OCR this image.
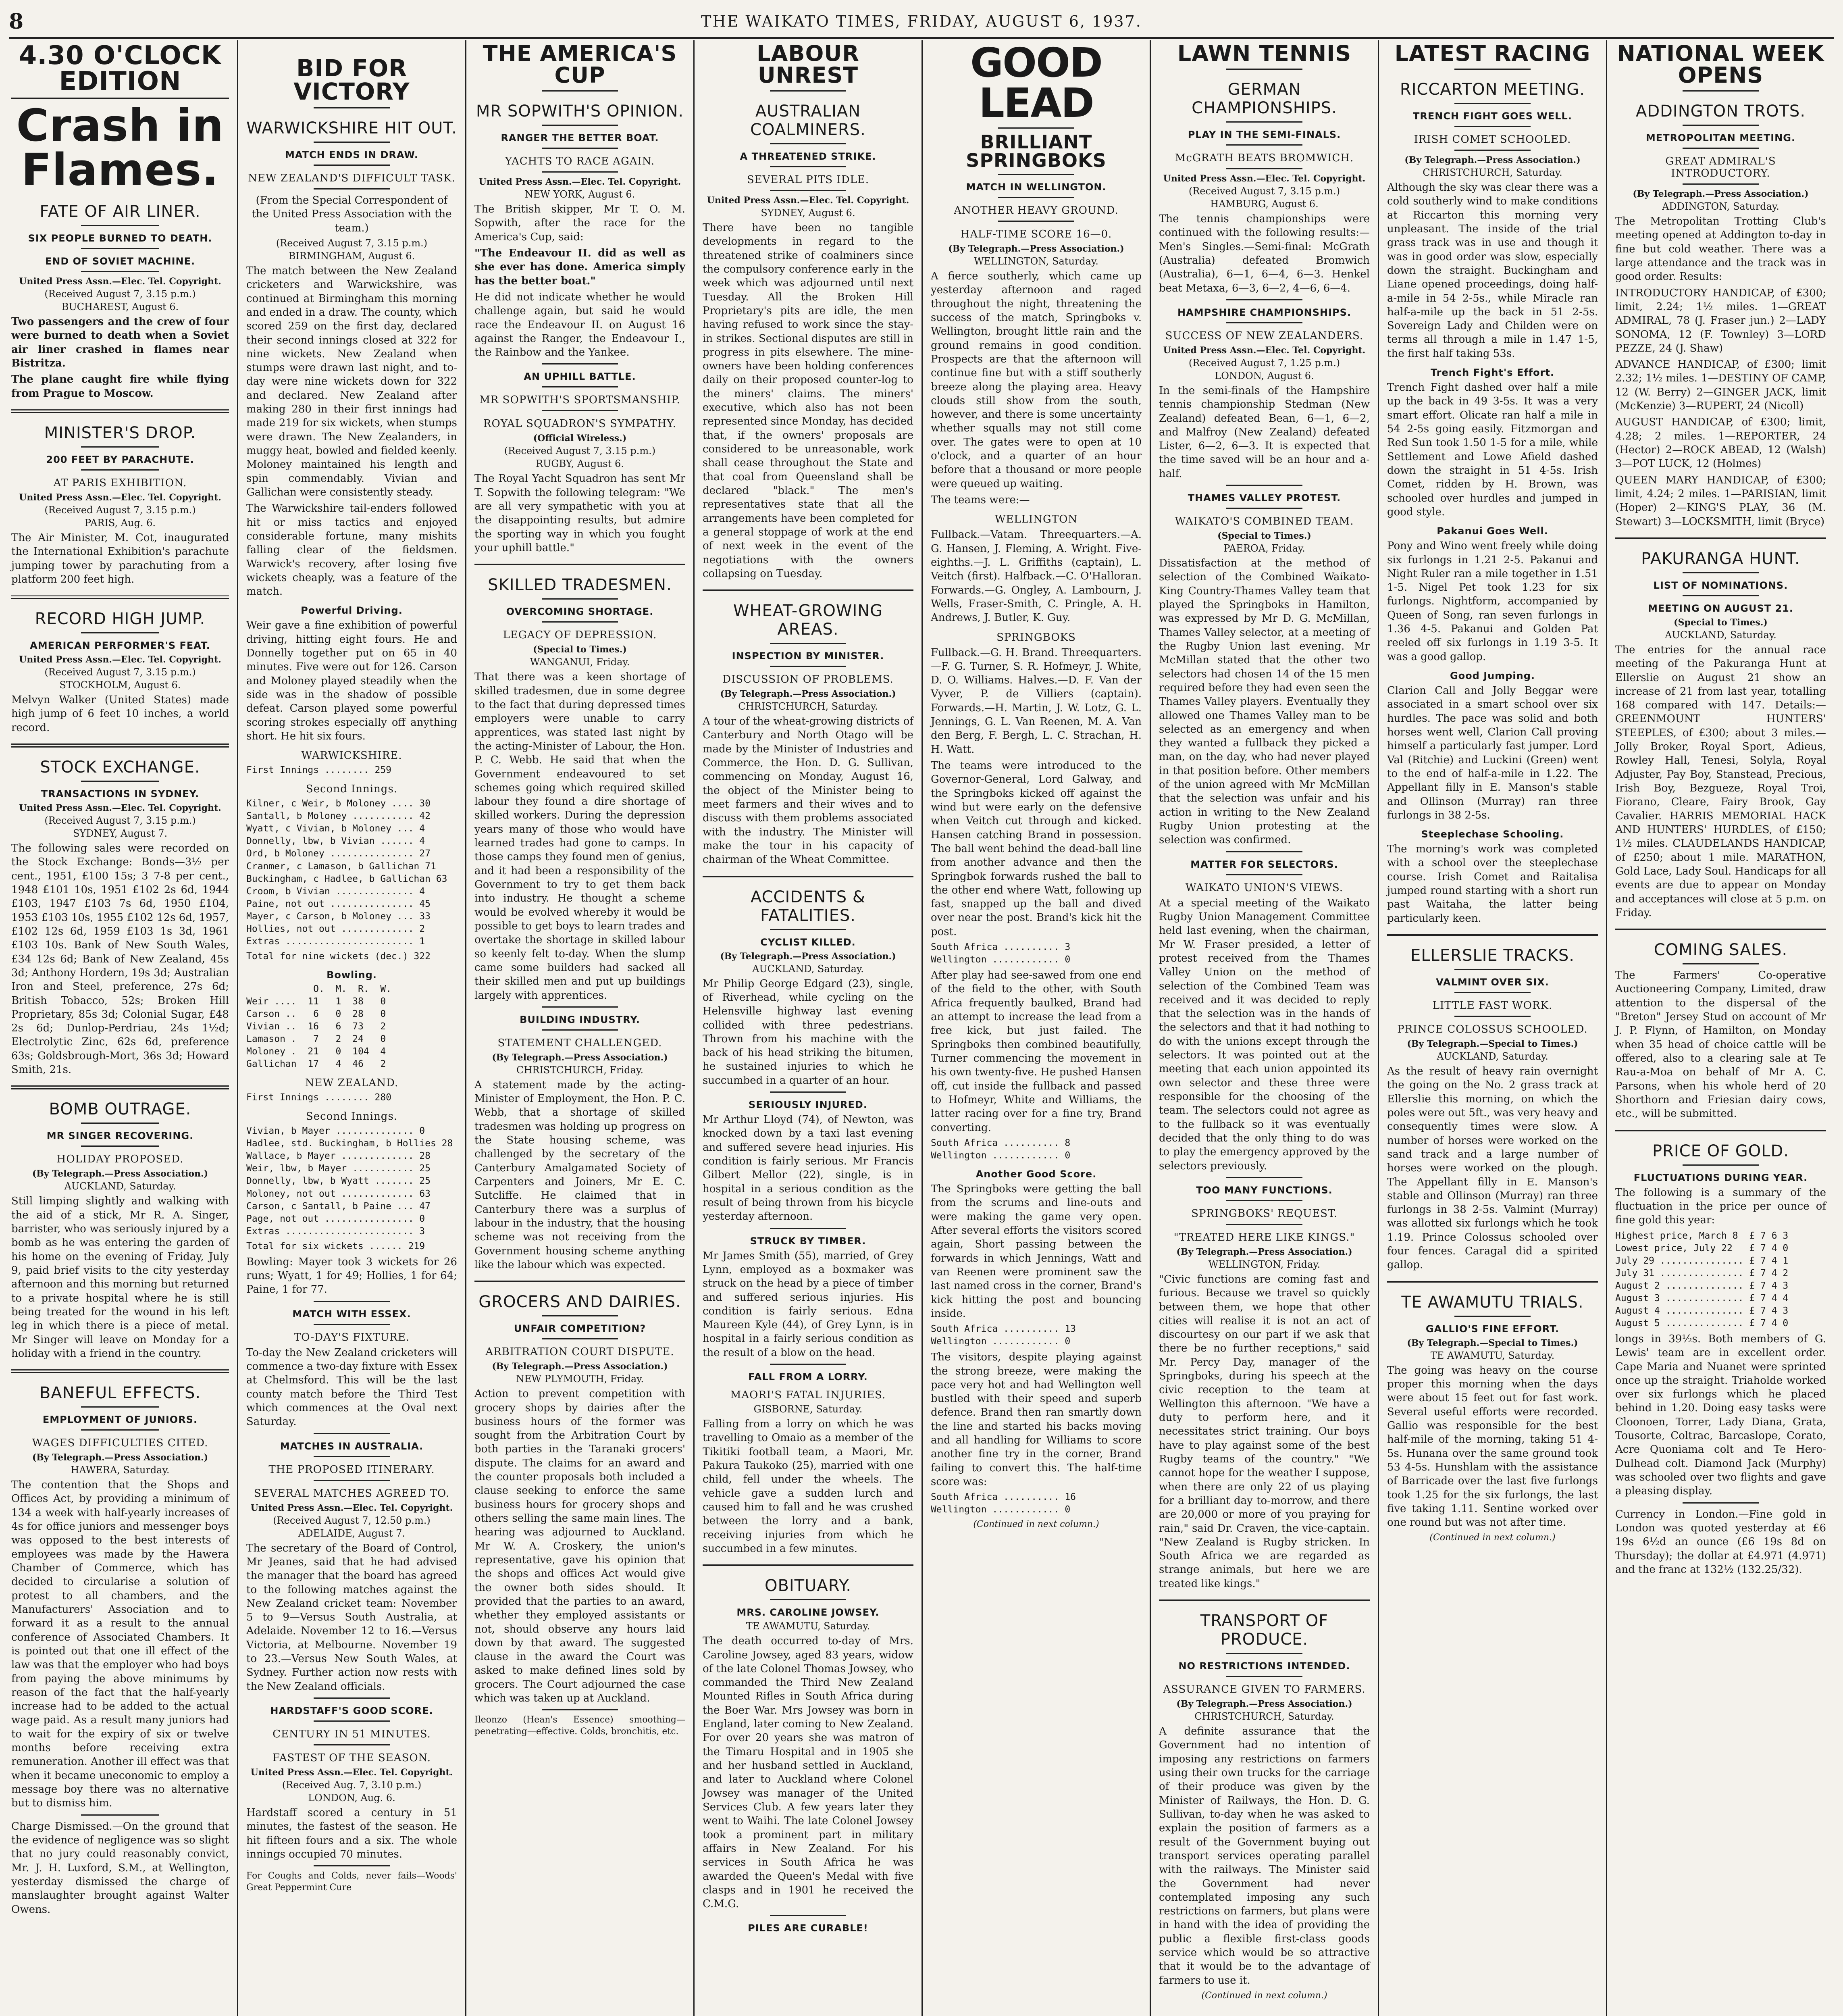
8	THE WAIKATO TIMES, FRIDAY, AUGUST 6, 1937.
4.30 O'CLOCK EDITION
Crash in Flames.
FATE OF AIR LINER.
SIX PEOPLE BURNED TO DEATH.
END OF SOVIET MACHINE.
United Press Assn.—Elec. Tel. Copyright.
(Received August 7, 3.15 p.m.)
BUCHAREST, August 6.
Two passengers and the crew of four were burned to death when a Soviet air liner crashed in flames near Bistritza.
The plane caught fire while flying from Prague to Moscow.
MINISTER'S DROP.
200 FEET BY PARACHUTE.
AT PARIS EXHIBITION.
United Press Assn.—Elec. Tel. Copyright.
(Received August 7, 3.15 p.m.)
PARIS, Aug. 6.
The Air Minister, M. Cot, inaugurated the International Exhibition's parachute jumping tower by parachuting from a platform 200 feet high.
RECORD HIGH JUMP.
AMERICAN PERFORMER'S FEAT.
United Press Assn.—Elec. Tel. Copyright.
(Received August 7, 3.15 p.m.)
STOCKHOLM, August 6.
Melvyn Walker (United States) made high jump of 6 feet 10 inches, a world record.
STOCK EXCHANGE.
TRANSACTIONS IN SYDNEY.
United Press Assn.—Elec. Tel. Copyright.
(Received August 7, 3.15 p.m.)
SYDNEY, August 7.
The following sales were recorded on the Stock Exchange: Bonds—3½ per cent., 1951, £100 15s; 3 7-8 per cent., 1948 £101 10s, 1951 £102 2s 6d, 1944 £103, 1947 £103 7s 6d, 1950 £104, 1953 £103 10s, 1955 £102 12s 6d, 1957, £102 12s 6d, 1959 £103 1s 3d, 1961 £103 10s. Bank of New South Wales, £34 12s 6d; Bank of New Zealand, 45s 3d; Anthony Hordern, 19s 3d; Australian Iron and Steel, preference, 27s 6d; British Tobacco, 52s; Broken Hill Proprietary, 85s 3d; Colonial Sugar, £48 2s 6d; Dunlop-Perdriau, 24s 1½d; Electrolytic Zinc, 62s 6d, preference 63s; Goldsbrough-Mort, 36s 3d; Howard Smith, 21s.
BOMB OUTRAGE.
MR SINGER RECOVERING.
HOLIDAY PROPOSED.
(By Telegraph.—Press Association.)
AUCKLAND, Saturday.
Still limping slightly and walking with the aid of a stick, Mr R. A. Singer, barrister, who was seriously injured by a bomb as he was entering the garden of his home on the evening of Friday, July 9, paid brief visits to the city yesterday afternoon and this morning but returned to a private hospital where he is still being treated for the wound in his left leg in which there is a piece of metal. Mr Singer will leave on Monday for a holiday with a friend in the country.
BANEFUL EFFECTS.
EMPLOYMENT OF JUNIORS.
WAGES DIFFICULTIES CITED.
(By Telegraph.—Press Association.)
HAWERA, Saturday.
The contention that the Shops and Offices Act, by providing a minimum of 134 a week with half-yearly increases of 4s for office juniors and messenger boys was opposed to the best interests of employees was made by the Hawera Chamber of Commerce, which has decided to circularise a solution of protest to all chambers, and the Manufacturers' Association and to forward it as a result to the annual conference of Associated Chambers. It is pointed out that one ill effect of the law was that the employer who had boys from paying the above minimums by reason of the fact that the half-yearly increase had to be added to the actual wage paid. As a result many juniors had to wait for the expiry of six or twelve months before receiving extra remuneration. Another ill effect was that when it became uneconomic to employ a message boy there was no alternative but to dismiss him.
Charge Dismissed.—On the ground that the evidence of negligence was so slight that no jury could reasonably convict, Mr. J. H. Luxford, S.M., at Wellington, yesterday dismissed the charge of manslaughter brought against Walter Owens.
BID FOR VICTORY
WARWICKSHIRE HIT OUT.
MATCH ENDS IN DRAW.
NEW ZEALAND'S DIFFICULT TASK.
(From the Special Correspondent of the United Press Association with the team.)
(Received August 7, 3.15 p.m.)
BIRMINGHAM, August 6.
The match between the New Zealand cricketers and Warwickshire, was continued at Birmingham this morning and ended in a draw. The county, which scored 259 on the first day, declared their second innings closed at 322 for nine wickets. New Zealand when stumps were drawn last night, and to-day were nine wickets down for 322 and declared. New Zealand after making 280 in their first innings had made 219 for six wickets, when stumps were drawn. The New Zealanders, in muggy heat, bowled and fielded keenly. Moloney maintained his length and spin commendably. Vivian and Gallichan were consistently steady.
The Warwickshire tail-enders followed hit or miss tactics and enjoyed considerable fortune, many mishits falling clear of the fieldsmen. Warwick's recovery, after losing five wickets cheaply, was a feature of the match.
Powerful Driving.
Weir gave a fine exhibition of powerful driving, hitting eight fours. He and Donnelly together put on 65 in 40 minutes. Five were out for 126. Carson and Moloney played steadily when the side was in the shadow of possible defeat. Carson played some powerful scoring strokes especially off anything short. He hit six fours.
WARWICKSHIRE.
First Innings ........ 259
Second Innings.
Kilner, c Weir, b Moloney .... 30
Santall, b Moloney ........... 42
Wyatt, c Vivian, b Moloney ... 4
Donnelly, lbw, b Vivian ...... 4
Ord, b Moloney ............... 27
Cranmer, c Lamason, b Gallichan 71
Buckingham, c Hadlee, b Gallichan 63
Croom, b Vivian .............. 4
Paine, not out ............... 45
Mayer, c Carson, b Moloney ... 33
Hollies, not out ............. 2
Extras ....................... 1
Total for nine wickets (dec.) 322
Bowling.
O.  M.  R.  W.
Weir ....  11   1  38   0
Carson ..   6   0  28   0
Vivian ..  16   6  73   2
Lamason .   7   2  24   0
Moloney .  21   0  104  4
Gallichan  17   4  46   2
NEW ZEALAND.
First Innings ........ 280
Second Innings.
Vivian, b Mayer .............. 0
Hadlee, std. Buckingham, b Hollies 28
Wallace, b Mayer ............. 28
Weir, lbw, b Mayer ........... 25
Donnelly, lbw, b Wyatt ....... 25
Moloney, not out ............. 63
Carson, c Santall, b Paine ... 47
Page, not out ................ 0
Extras ....................... 3
Total for six wickets ...... 219
Bowling: Mayer took 3 wickets for 26 runs; Wyatt, 1 for 49; Hollies, 1 for 64; Paine, 1 for 77.
MATCH WITH ESSEX.
TO-DAY'S FIXTURE.
To-day the New Zealand cricketers will commence a two-day fixture with Essex at Chelmsford. This will be the last county match before the Third Test which commences at the Oval next Saturday.
MATCHES IN AUSTRALIA.
THE PROPOSED ITINERARY.
SEVERAL MATCHES AGREED TO.
United Press Assn.—Elec. Tel. Copyright.
(Received August 7, 12.50 p.m.)
ADELAIDE, August 7.
The secretary of the Board of Control, Mr Jeanes, said that he had advised the manager that the board has agreed to the following matches against the New Zealand cricket team: November 5 to 9—Versus South Australia, at Adelaide. November 12 to 16.—Versus Victoria, at Melbourne. November 19 to 23.—Versus New South Wales, at Sydney. Further action now rests with the New Zealand officials.
HARDSTAFF'S GOOD SCORE.
CENTURY IN 51 MINUTES.
FASTEST OF THE SEASON.
United Press Assn.—Elec. Tel. Copyright.
(Received Aug. 7, 3.10 p.m.)
LONDON, Aug. 6.
Hardstaff scored a century in 51 minutes, the fastest of the season. He hit fifteen fours and a six. The whole innings occupied 70 minutes.
For Coughs and Colds, never fails—Woods' Great Peppermint Cure
THE AMERICA'S CUP
MR SOPWITH'S OPINION.
RANGER THE BETTER BOAT.
YACHTS TO RACE AGAIN.
United Press Assn.—Elec. Tel. Copyright.
NEW YORK, August 6.
The British skipper, Mr T. O. M. Sopwith, after the race for the America's Cup, said:
"The Endeavour II. did as well as she ever has done. America simply has the better boat."
He did not indicate whether he would challenge again, but said he would race the Endeavour II. on August 16 against the Ranger, the Endeavour I., the Rainbow and the Yankee.
AN UPHILL BATTLE.
MR SOPWITH'S SPORTSMANSHIP.
ROYAL SQUADRON'S SYMPATHY.
(Official Wireless.)
(Received August 7, 3.15 p.m.)
RUGBY, August 6.
The Royal Yacht Squadron has sent Mr T. Sopwith the following telegram: "We are all very sympathetic with you at the disappointing results, but admire the sporting way in which you fought your uphill battle."
SKILLED TRADESMEN.
OVERCOMING SHORTAGE.
LEGACY OF DEPRESSION.
(Special to Times.)
WANGANUI, Friday.
That there was a keen shortage of skilled tradesmen, due in some degree to the fact that during depressed times employers were unable to carry apprentices, was stated last night by the acting-Minister of Labour, the Hon. P. C. Webb. He said that when the Government endeavoured to set schemes going which required skilled labour they found a dire shortage of skilled workers. During the depression years many of those who would have learned trades had gone to camps. In those camps they found men of genius, and it had been a responsibility of the Government to try to get them back into industry. He thought a scheme would be evolved whereby it would be possible to get boys to learn trades and overtake the shortage in skilled labour so keenly felt to-day. When the slump came some builders had sacked all their skilled men and put up buildings largely with apprentices.
BUILDING INDUSTRY.
STATEMENT CHALLENGED.
(By Telegraph.—Press Association.)
CHRISTCHURCH, Friday.
A statement made by the acting-Minister of Employment, the Hon. P. C. Webb, that a shortage of skilled tradesmen was holding up progress on the State housing scheme, was challenged by the secretary of the Canterbury Amalgamated Society of Carpenters and Joiners, Mr E. C. Sutcliffe. He claimed that in Canterbury there was a surplus of labour in the industry, that the housing scheme was not receiving from the Government housing scheme anything like the labour which was expected.
GROCERS AND DAIRIES.
UNFAIR COMPETITION?
ARBITRATION COURT DISPUTE.
(By Telegraph.—Press Association.)
NEW PLYMOUTH, Friday.
Action to prevent competition with grocery shops by dairies after the business hours of the former was sought from the Arbitration Court by both parties in the Taranaki grocers' dispute. The claims for an award and the counter proposals both included a clause seeking to enforce the same business hours for grocery shops and others selling the same main lines. The hearing was adjourned to Auckland. Mr W. A. Croskery, the union's representative, gave his opinion that the shops and offices Act would give the owner both sides should. It provided that the parties to an award, whether they employed assistants or not, should observe any hours laid down by that award. The suggested clause in the award the Court was asked to make defined lines sold by grocers. The Court adjourned the case which was taken up at Auckland.
Ileonzo (Hean's Essence) smoothing—penetrating—effective. Colds, bronchitis, etc.
LABOUR UNREST
AUSTRALIAN COALMINERS.
A THREATENED STRIKE.
SEVERAL PITS IDLE.
United Press Assn.—Elec. Tel. Copyright.
SYDNEY, August 6.
There have been no tangible developments in regard to the threatened strike of coalminers since the compulsory conference early in the week which was adjourned until next Tuesday. All the Broken Hill Proprietary's pits are idle, the men having refused to work since the stay-in strikes. Sectional disputes are still in progress in pits elsewhere. The mine-owners have been holding conferences daily on their proposed counter-log to the miners' claims. The miners' executive, which also has not been represented since Monday, has decided that, if the owners' proposals are considered to be unreasonable, work shall cease throughout the State and that coal from Queensland shall be declared "black." The men's representatives state that all the arrangements have been completed for a general stoppage of work at the end of next week in the event of the negotiations with the owners collapsing on Tuesday.
WHEAT-GROWING AREAS.
INSPECTION BY MINISTER.
DISCUSSION OF PROBLEMS.
(By Telegraph.—Press Association.)
CHRISTCHURCH, Saturday.
A tour of the wheat-growing districts of Canterbury and North Otago will be made by the Minister of Industries and Commerce, the Hon. D. G. Sullivan, commencing on Monday, August 16, the object of the Minister being to meet farmers and their wives and to discuss with them problems associated with the industry. The Minister will make the tour in his capacity of chairman of the Wheat Committee.
ACCIDENTS & FATALITIES.
CYCLIST KILLED.
(By Telegraph.—Press Association.)
AUCKLAND, Saturday.
Mr Philip George Edgard (23), single, of Riverhead, while cycling on the Helensville highway last evening collided with three pedestrians. Thrown from his machine with the back of his head striking the bitumen, he sustained injuries to which he succumbed in a quarter of an hour.
SERIOUSLY INJURED.
Mr Arthur Lloyd (74), of Newton, was knocked down by a taxi last evening and suffered severe head injuries. His condition is fairly serious. Mr Francis Gilbert Mellor (22), single, is in hospital in a serious condition as the result of being thrown from his bicycle yesterday afternoon.
STRUCK BY TIMBER.
Mr James Smith (55), married, of Grey Lynn, employed as a boxmaker was struck on the head by a piece of timber and suffered serious injuries. His condition is fairly serious. Edna Maureen Kyle (44), of Grey Lynn, is in hospital in a fairly serious condition as the result of a blow on the head.
FALL FROM A LORRY.
MAORI'S FATAL INJURIES.
GISBORNE, Saturday.
Falling from a lorry on which he was travelling to Omaio as a member of the Tikitiki football team, a Maori, Mr. Pakura Taukoko (25), married with one child, fell under the wheels. The vehicle gave a sudden lurch and caused him to fall and he was crushed between the lorry and a bank, receiving injuries from which he succumbed in a few minutes.
OBITUARY.
MRS. CAROLINE JOWSEY.
TE AWAMUTU, Saturday.
The death occurred to-day of Mrs. Caroline Jowsey, aged 83 years, widow of the late Colonel Thomas Jowsey, who commanded the Third New Zealand Mounted Rifles in South Africa during the Boer War. Mrs Jowsey was born in England, later coming to New Zealand. For over 20 years she was matron of the Timaru Hospital and in 1905 she and her husband settled in Auckland, and later to Auckland where Colonel Jowsey was manager of the United Services Club. A few years later they went to Waihi. The late Colonel Jowsey took a prominent part in military affairs in New Zealand. For his services in South Africa he was awarded the Queen's Medal with five clasps and in 1901 he received the C.M.G.
PILES ARE CURABLE!
GOOD LEAD
BRILLIANT SPRINGBOKS
MATCH IN WELLINGTON.
ANOTHER HEAVY GROUND.
HALF-TIME SCORE 16—0.
(By Telegraph.—Press Association.)
WELLINGTON, Saturday.
A fierce southerly, which came up yesterday afternoon and raged throughout the night, threatening the success of the match, Springboks v. Wellington, brought little rain and the ground remains in good condition. Prospects are that the afternoon will continue fine but with a stiff southerly breeze along the playing area. Heavy clouds still show from the south, however, and there is some uncertainty whether squalls may not still come over. The gates were to open at 10 o'clock, and a quarter of an hour before that a thousand or more people were queued up waiting.
The teams were:—
WELLINGTON
Fullback.—Vatam. Threequarters.—A. G. Hansen, J. Fleming, A. Wright. Five-eighths.—J. L. Griffiths (captain), L. Veitch (first). Halfback.—C. O'Halloran. Forwards.—G. Ongley, A. Lambourn, J. Wells, Fraser-Smith, C. Pringle, A. H. Andrews, J. Butler, K. Guy.
SPRINGBOKS
Fullback.—G. H. Brand. Threequarters.—F. G. Turner, S. R. Hofmeyr, J. White, D. O. Williams. Halves.—D. F. Van der Vyver, P. de Villiers (captain). Forwards.—H. Martin, J. W. Lotz, G. L. Jennings, G. L. Van Reenen, M. A. Van den Berg, F. Bergh, L. C. Strachan, H. H. Watt.
The teams were introduced to the Governor-General, Lord Galway, and the Springboks kicked off against the wind but were early on the defensive when Veitch cut through and kicked. Hansen catching Brand in possession. The ball went behind the dead-ball line from another advance and then the Springbok forwards rushed the ball to the other end where Watt, following up fast, snapped up the ball and dived over near the post. Brand's kick hit the post.
South Africa .......... 3
Wellington ............ 0
After play had see-sawed from one end of the field to the other, with South Africa frequently baulked, Brand had an attempt to increase the lead from a free kick, but just failed. The Springboks then combined beautifully, Turner commencing the movement in his own twenty-five. He pushed Hansen off, cut inside the fullback and passed to Hofmeyr, White and Williams, the latter racing over for a fine try, Brand converting.
South Africa .......... 8
Wellington ............ 0
Another Good Score.
The Springboks were getting the ball from the scrums and line-outs and were making the game very open. After several efforts the visitors scored again, Short passing between the forwards in which Jennings, Watt and van Reenen were prominent saw the last named cross in the corner, Brand's kick hitting the post and bouncing inside.
South Africa .......... 13
Wellington ............ 0
The visitors, despite playing against the strong breeze, were making the pace very hot and had Wellington well bustled with their speed and superb defence. Brand then ran smartly down the line and started his backs moving and all handling for Williams to score another fine try in the corner, Brand failing to convert this. The half-time score was:
South Africa .......... 16
Wellington ............ 0
(Continued in next column.)
LAWN TENNIS
GERMAN CHAMPIONSHIPS.
PLAY IN THE SEMI-FINALS.
McGRATH BEATS BROMWICH.
United Press Assn.—Elec. Tel. Copyright.
(Received August 7, 3.15 p.m.)
HAMBURG, August 6.
The tennis championships were continued with the following results:—Men's Singles.—Semi-final: McGrath (Australia) defeated Bromwich (Australia), 6—1, 6—4, 6—3. Henkel beat Metaxa, 6—3, 6—2, 4—6, 6—4.
HAMPSHIRE CHAMPIONSHIPS.
SUCCESS OF NEW ZEALANDERS.
United Press Assn.—Elec. Tel. Copyright.
(Received August 7, 1.25 p.m.)
LONDON, August 6.
In the semi-finals of the Hampshire tennis championship Stedman (New Zealand) defeated Bean, 6—1, 6—2, and Malfroy (New Zealand) defeated Lister, 6—2, 6—3. It is expected that the time saved will be an hour and a-half.
THAMES VALLEY PROTEST.
WAIKATO'S COMBINED TEAM.
(Special to Times.)
PAEROA, Friday.
Dissatisfaction at the method of selection of the Combined Waikato-King Country-Thames Valley team that played the Springboks in Hamilton, was expressed by Mr D. G. McMillan, Thames Valley selector, at a meeting of the Rugby Union last evening. Mr McMillan stated that the other two selectors had chosen 14 of the 15 men required before they had even seen the Thames Valley players. Eventually they allowed one Thames Valley man to be selected as an emergency and when they wanted a fullback they picked a man, on the day, who had never played in that position before. Other members of the union agreed with Mr McMillan that the selection was unfair and his action in writing to the New Zealand Rugby Union protesting at the selection was confirmed.
MATTER FOR SELECTORS.
WAIKATO UNION'S VIEWS.
At a special meeting of the Waikato Rugby Union Management Committee held last evening, when the chairman, Mr W. Fraser presided, a letter of protest received from the Thames Valley Union on the method of selection of the Combined Team was received and it was decided to reply that the selection was in the hands of the selectors and that it had nothing to do with the unions except through the selectors. It was pointed out at the meeting that each union appointed its own selector and these three were responsible for the choosing of the team. The selectors could not agree as to the fullback so it was eventually decided that the only thing to do was to play the emergency approved by the selectors previously.
TOO MANY FUNCTIONS.
SPRINGBOKS' REQUEST.
"TREATED HERE LIKE KINGS."
(By Telegraph.—Press Association.)
WELLINGTON, Friday.
"Civic functions are coming fast and furious. Because we travel so quickly between them, we hope that other cities will realise it is not an act of discourtesy on our part if we ask that there be no further receptions," said Mr. Percy Day, manager of the Springboks, during his speech at the civic reception to the team at Wellington this afternoon. "We have a duty to perform here, and it necessitates strict training. Our boys have to play against some of the best Rugby teams of the country." "We cannot hope for the weather I suppose, when there are only 22 of us playing for a brilliant day to-morrow, and there are 20,000 or more of you praying for rain," said Dr. Craven, the vice-captain. "New Zealand is Rugby stricken. In South Africa we are regarded as strange animals, but here we are treated like kings."
TRANSPORT OF PRODUCE.
NO RESTRICTIONS INTENDED.
ASSURANCE GIVEN TO FARMERS.
(By Telegraph.—Press Association.)
CHRISTCHURCH, Saturday.
A definite assurance that the Government had no intention of imposing any restrictions on farmers using their own trucks for the carriage of their produce was given by the Minister of Railways, the Hon. D. G. Sullivan, to-day when he was asked to explain the position of farmers as a result of the Government buying out transport services operating parallel with the railways. The Minister said the Government had never contemplated imposing any such restrictions on farmers, but plans were in hand with the idea of providing the public a flexible first-class goods service which would be so attractive that it would be to the advantage of farmers to use it.
(Continued in next column.)
LATEST RACING
RICCARTON MEETING.
TRENCH FIGHT GOES WELL.
IRISH COMET SCHOOLED.
(By Telegraph.—Press Association.)
CHRISTCHURCH, Saturday.
Although the sky was clear there was a cold southerly wind to make conditions at Riccarton this morning very unpleasant. The inside of the trial grass track was in use and though it was in good order was slow, especially down the straight. Buckingham and Liane opened proceedings, doing half-a-mile in 54 2-5s., while Miracle ran half-a-mile up the back in 51 2-5s. Sovereign Lady and Childen were on terms all through a mile in 1.47 1-5, the first half taking 53s.
Trench Fight's Effort.
Trench Fight dashed over half a mile up the back in 49 3-5s. It was a very smart effort. Olicate ran half a mile in 54 2-5s going easily. Fitzmorgan and Red Sun took 1.50 1-5 for a mile, while Settlement and Lowe Afield dashed down the straight in 51 4-5s. Irish Comet, ridden by H. Brown, was schooled over hurdles and jumped in good style.
Pakanui Goes Well.
Pony and Wino went freely while doing six furlongs in 1.21 2-5. Pakanui and Night Ruler ran a mile together in 1.51 1-5. Nigel Pet took 1.23 for six furlongs. Nightform, accompanied by Queen of Song, ran seven furlongs in 1.36 4-5. Pakanui and Golden Pat reeled off six furlongs in 1.19 3-5. It was a good gallop.
Good Jumping.
Clarion Call and Jolly Beggar were associated in a smart school over six hurdles. The pace was solid and both horses went well, Clarion Call proving himself a particularly fast jumper. Lord Val (Ritchie) and Luckini (Green) went to the end of half-a-mile in 1.22. The Appellant filly in E. Manson's stable and Ollinson (Murray) ran three furlongs in 38 2-5s.
Steeplechase Schooling.
The morning's work was completed with a school over the steeplechase course. Irish Comet and Raitalisa jumped round starting with a short run past Waitaha, the latter being particularly keen.
ELLERSLIE TRACKS.
VALMINT OVER SIX.
LITTLE FAST WORK.
PRINCE COLOSSUS SCHOOLED.
(By Telegraph.—Special to Times.)
AUCKLAND, Saturday.
As the result of heavy rain overnight the going on the No. 2 grass track at Ellerslie this morning, on which the poles were out 5ft., was very heavy and consequently times were slow. A number of horses were worked on the sand track and a large number of horses were worked on the plough. The Appellant filly in E. Manson's stable and Ollinson (Murray) ran three furlongs in 38 2-5s. Valmint (Murray) was allotted six furlongs which he took 1.19. Prince Colossus schooled over four fences. Caragal did a spirited gallop.
TE AWAMUTU TRIALS.
GALLIO'S FINE EFFORT.
(By Telegraph.—Special to Times.)
TE AWAMUTU, Saturday.
The going was heavy on the course proper this morning when the days were about 15 feet out for fast work. Several useful efforts were recorded. Gallio was responsible for the best half-mile of the morning, taking 51 4-5s. Hunana over the same ground took 53 4-5s. Hunshlam with the assistance of Barricade over the last five furlongs took 1.25 for the six furlongs, the last five taking 1.11. Sentine worked over one round but was not after time.
(Continued in next column.)
NATIONAL WEEK OPENS
ADDINGTON TROTS.
METROPOLITAN MEETING.
GREAT ADMIRAL'S INTRODUCTORY.
(By Telegraph.—Press Association.)
ADDINGTON, Saturday.
The Metropolitan Trotting Club's meeting opened at Addington to-day in fine but cold weather. There was a large attendance and the track was in good order. Results:
INTRODUCTORY HANDICAP, of £300; limit, 2.24; 1½ miles. 1—GREAT ADMIRAL, 78 (J. Fraser jun.) 2—LADY SONOMA, 12 (F. Townley) 3—LORD PEZZE, 24 (J. Shaw)
ADVANCE HANDICAP, of £300; limit 2.32; 1½ miles. 1—DESTINY OF CAMP, 12 (W. Berry) 2—GINGER JACK, limit (McKenzie) 3—RUPERT, 24 (Nicoll)
AUGUST HANDICAP, of £300; limit, 4.28; 2 miles. 1—REPORTER, 24 (Hector) 2—ROCK ABEAD, 12 (Walsh) 3—POT LUCK, 12 (Holmes)
QUEEN MARY HANDICAP, of £300; limit, 4.24; 2 miles. 1—PARISIAN, limit (Hoper) 2—KING'S PLAY, 36 (M. Stewart) 3—LOCKSMITH, limit (Bryce)
PAKURANGA HUNT.
LIST OF NOMINATIONS.
MEETING ON AUGUST 21.
(Special to Times.)
AUCKLAND, Saturday.
The entries for the annual race meeting of the Pakuranga Hunt at Ellerslie on August 21 show an increase of 21 from last year, totalling 168 compared with 147. Details:—GREENMOUNT HUNTERS' STEEPLES, of £300; about 3 miles.—Jolly Broker, Royal Sport, Adieus, Rowley Hall, Tenesi, Solyla, Royal Adjuster, Pay Boy, Stanstead, Precious, Irish Boy, Bezgueze, Royal Troi, Fiorano, Cleare, Fairy Brook, Gay Cavalier. HARRIS MEMORIAL HACK AND HUNTERS' HURDLES, of £150; 1½ miles. CLAUDELANDS HANDICAP, of £250; about 1 mile. MARATHON, Gold Lace, Lady Soul. Handicaps for all events are due to appear on Monday and acceptances will close at 5 p.m. on Friday.
COMING SALES.
The Farmers' Co-operative Auctioneering Company, Limited, draw attention to the dispersal of the "Breton" Jersey Stud on account of Mr J. P. Flynn, of Hamilton, on Monday when 35 head of choice cattle will be offered, also to a clearing sale at Te Rau-a-Moa on behalf of Mr A. C. Parsons, when his whole herd of 20 Shorthorn and Friesian dairy cows, etc., will be submitted.
PRICE OF GOLD.
FLUCTUATIONS DURING YEAR.
The following is a summary of the fluctuation in the price per ounce of fine gold this year:
Highest price, March 8  £ 7 6 3
Lowest price, July 22   £ 7 4 0
July 29 ............... £ 7 4 1
July 31 ............... £ 7 4 2
August 2 .............. £ 7 4 3
August 3 .............. £ 7 4 4
August 4 .............. £ 7 4 3
August 5 .............. £ 7 4 0
longs in 39½s. Both members of G. Lewis' team are in excellent order. Cape Maria and Nuanet were sprinted once up the straight. Triaholde worked over six furlongs which he placed behind in 1.20. Doing easy tasks were Cloonoen, Torrer, Lady Diana, Grata, Tousorte, Coltrac, Barcaslope, Corato, Acre Quoniama colt and Te Hero-Dulhead colt. Diamond Jack (Murphy) was schooled over two flights and gave a pleasing display.
Currency in London.—Fine gold in London was quoted yesterday at £6 19s 6½d an ounce (£6 19s 8d on Thursday); the dollar at £4.971 (4.971) and the franc at 132½ (132.25/32).
